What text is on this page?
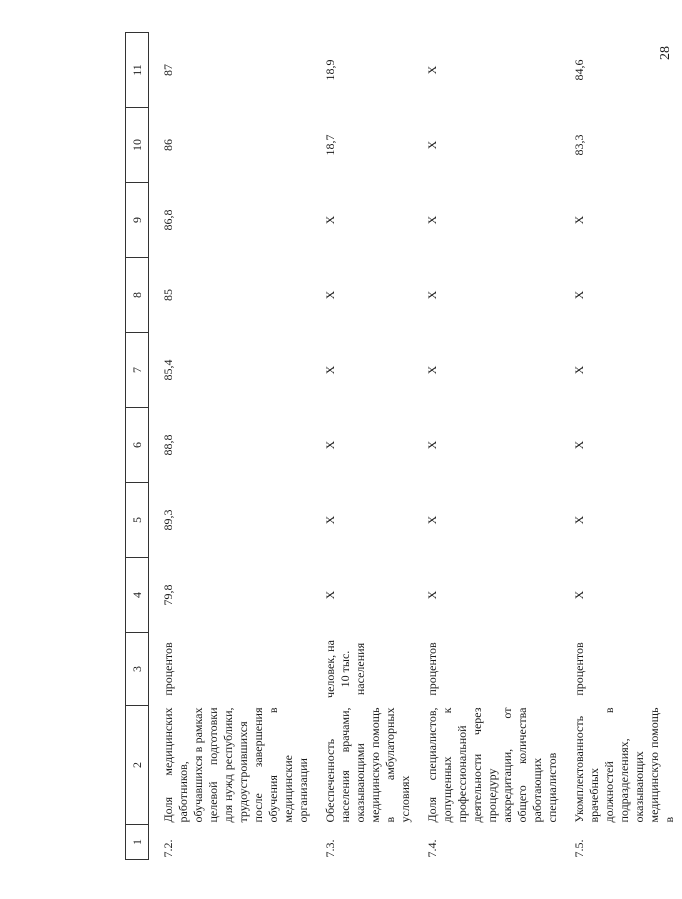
28
1	2	3	4	5	6	7	8	9	10	11
7.2.	Доля медицинских работников, обучавшихся в рамках целевой подготовки для нужд республики, трудоустроившихся после завершения обучения в медицинские организации	процентов	79,8	89,3	88,8	85,4	85	86,8	86	87
7.3.	Обеспеченность населения врачами, оказывающими медицинскую помощь в амбулаторных условиях	человек, на 10 тыс. населения	X	X	X	X	X	X	18,7	18,9
7.4.	Доля специалистов, допущенных к профессиональной деятельности через процедуру аккредитации, от общего количества работающих специалистов	процентов	X	X	X	X	X	X	X	X
7.5.	Укомплектованность врачебных должностей в подразделениях, оказывающих медицинскую помощь в	процентов	X	X	X	X	X	X	83,3	84,6
